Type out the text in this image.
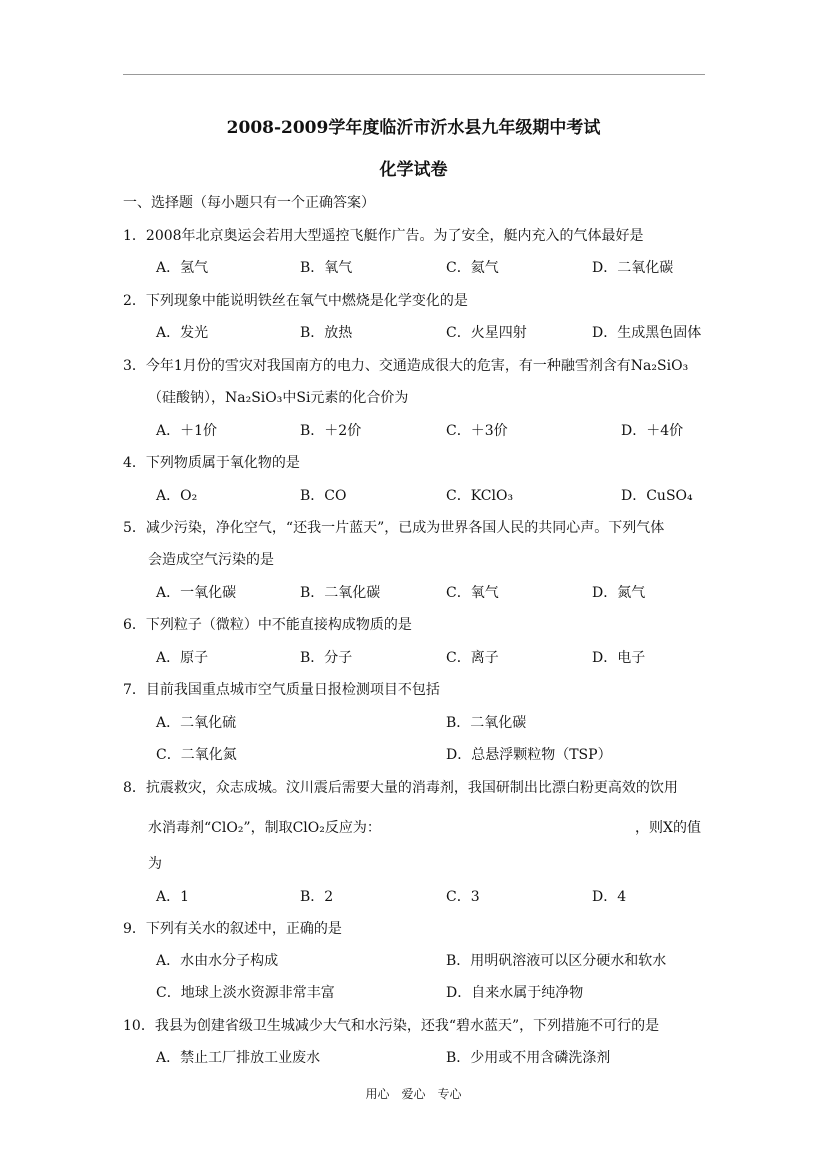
2008-2009学年度临沂市沂水县九年级期中考试
化学试卷
一、选择题（每小题只有一个正确答案）
1．2008年北京奥运会若用大型遥控飞艇作广告。为了安全，艇内充入的气体最好是
A．氢气	B．氧气	C．氦气	D．二氧化碳
2．下列现象中能说明铁丝在氧气中燃烧是化学变化的是
A．发光	B．放热	C．火星四射	D．生成黑色固体
3．今年1月份的雪灾对我国南方的电力、交通造成很大的危害，有一种融雪剂含有Na₂SiO₃
（硅酸钠），Na₂SiO₃中Si元素的化合价为
A．＋1价	B．＋2价	C．＋3价	D．＋4价
4．下列物质属于氧化物的是
A．O₂	B．CO	C．KClO₃	D．CuSO₄
5．减少污染，净化空气，“还我一片蓝天”，已成为世界各国人民的共同心声。下列气体
会造成空气污染的是
A．一氧化碳	B．二氧化碳	C．氧气	D．氮气
6．下列粒子（微粒）中不能直接构成物质的是
A．原子	B．分子	C．离子	D．电子
7．目前我国重点城市空气质量日报检测项目不包括
A．二氧化硫	B．二氧化碳
C．二氧化氮	D．总悬浮颗粒物（TSP）
8．抗震救灾，众志成城。汶川震后需要大量的消毒剂，我国研制出比漂白粉更高效的饮用
水消毒剂“ClO₂”，制取ClO₂反应为：	，则X的值
为
A．1	B．2	C．3	D．4
9．下列有关水的叙述中，正确的是
A．水由水分子构成	B．用明矾溶液可以区分硬水和软水
C．地球上淡水资源非常丰富	D．自来水属于纯净物
10．我县为创建省级卫生城减少大气和水污染，还我“碧水蓝天”，下列措施不可行的是
A．禁止工厂排放工业废水	B．少用或不用含磷洗涤剂
用心　爱心　专心
